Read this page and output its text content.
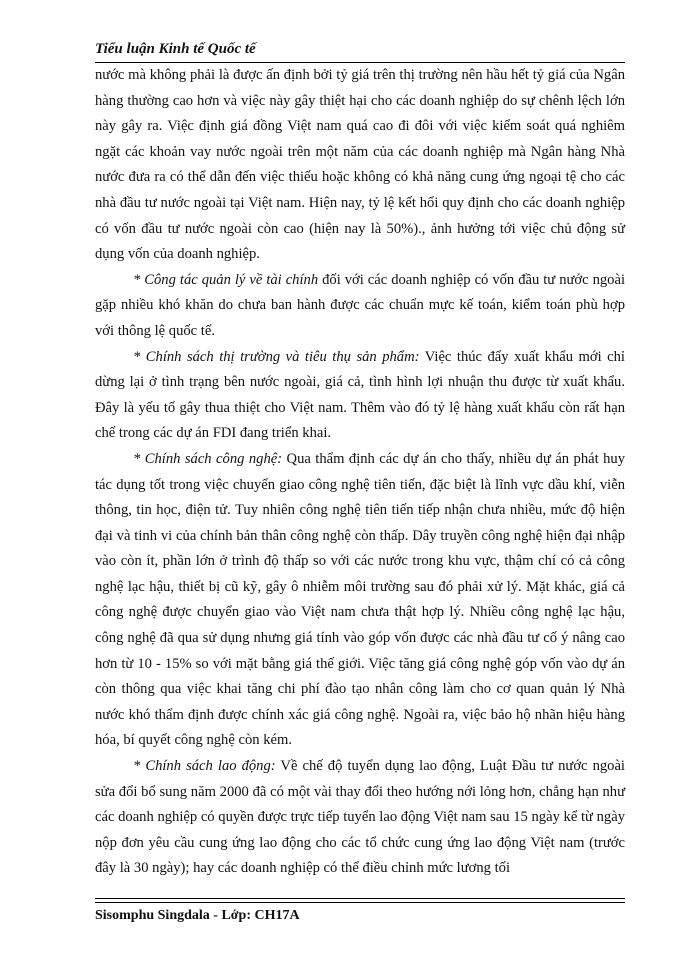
Tiểu luận Kinh tế Quốc tế

nước mà không phải là được ấn định bởi tỷ giá trên thị trường nên hầu hết tỷ giá của Ngân hàng thường cao hơn và việc này gây thiệt hại cho các doanh nghiệp do sự chênh lệch lớn này gây ra. Việc định giá đồng Việt nam quá cao đi đôi với việc kiểm soát quá nghiêm ngặt các khoản vay nước ngoài trên một năm của các doanh nghiệp mà Ngân hàng Nhà nước đưa ra có thể dẫn đến việc thiếu hoặc không có khả năng cung ứng ngoại tệ cho các nhà đầu tư nước ngoài tại Việt nam. Hiện nay, tỷ lệ kết hối quy định cho các doanh nghiệp có vốn đầu tư nước ngoài còn cao (hiện nay là 50%)., ảnh hưởng tới việc chủ động sử dụng vốn của doanh nghiệp.

* Công tác quản lý về tài chính đối với các doanh nghiệp có vốn đầu tư nước ngoài gặp nhiều khó khăn do chưa ban hành được các chuẩn mực kế toán, kiểm toán phù hợp với thông lệ quốc tế.

* Chính sách thị trường và tiêu thụ sản phẩm: Việc thúc đẩy xuất khẩu mới chỉ dừng lại ở tình trạng bên nước ngoài, giá cả, tình hình lợi nhuận thu được từ xuất khẩu. Đây là yếu tố gây thua thiệt cho Việt nam. Thêm vào đó tỷ lệ hàng xuất khẩu còn rất hạn chế trong các dự án FDI đang triển khai.

* Chính sách công nghệ: Qua thẩm định các dự án cho thấy, nhiều dự án phát huy tác dụng tốt trong việc chuyển giao công nghệ tiên tiến, đặc biệt là lĩnh vực dầu khí, viễn thông, tin học, điện tử. Tuy nhiên công nghệ tiên tiến tiếp nhận chưa nhiều, mức độ hiện đại và tinh vi của chính bản thân công nghệ còn thấp. Dây truyền công nghệ hiện đại nhập vào còn ít, phần lớn ở trình độ thấp so với các nước trong khu vực, thậm chí có cả công nghệ lạc hậu, thiết bị cũ kỹ, gây ô nhiễm môi trường sau đó phải xử lý. Mặt khác, giá cả công nghệ được chuyển giao vào Việt nam chưa thật hợp lý. Nhiều công nghệ lạc hậu, công nghệ đã qua sử dụng nhưng giá tính vào góp vốn được các nhà đầu tư cố ý nâng cao hơn từ 10 - 15% so với mặt bằng giá thế giới. Việc tăng giá công nghệ góp vốn vào dự án còn thông qua việc khai tăng chi phí đào tạo nhân công làm cho cơ quan quản lý Nhà nước khó thẩm định được chính xác giá công nghệ. Ngoài ra, việc bảo hộ nhãn hiệu hàng hóa, bí quyết công nghệ còn kém.

* Chính sách lao động: Về chế độ tuyển dụng lao động, Luật Đầu tư nước ngoài sửa đổi bổ sung năm 2000 đã có một vài thay đổi theo hướng nới lỏng hơn, chẳng hạn như các doanh nghiệp có quyền được trực tiếp tuyển lao động Việt nam sau 15 ngày kể từ ngày nộp đơn yêu cầu cung ứng lao động cho các tổ chức cung ứng lao động Việt nam (trước đây là 30 ngày); hay các doanh nghiệp có thể điều chỉnh mức lương tối

Sisomphu Singdala - Lớp: CH17A
